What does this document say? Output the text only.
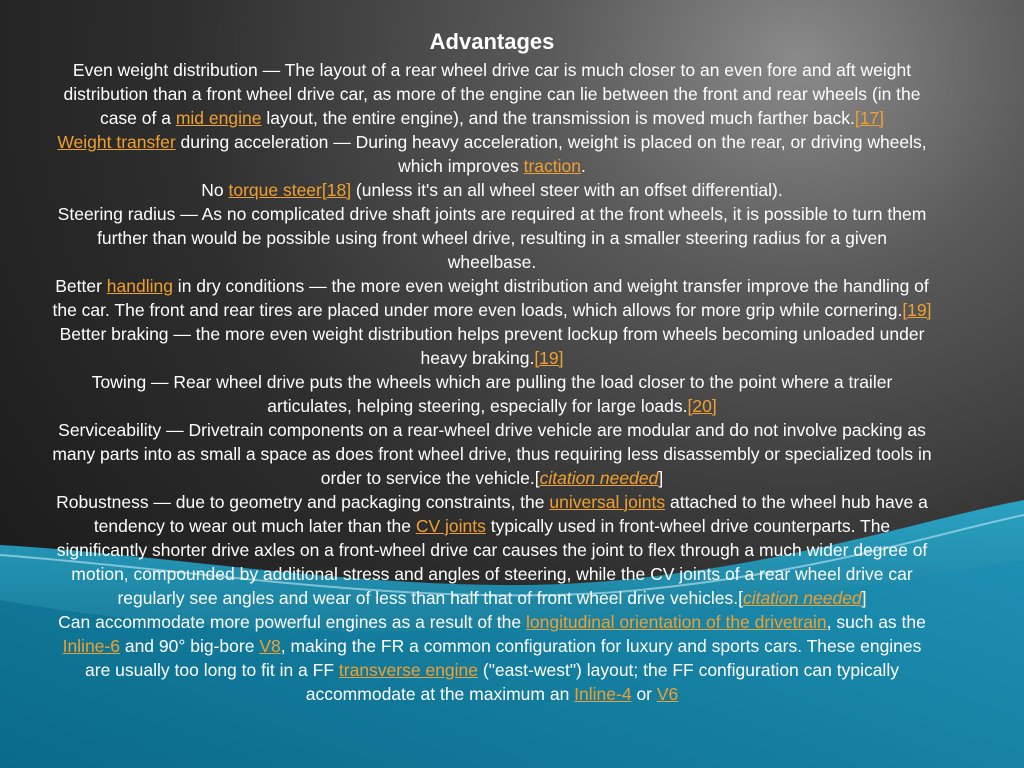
Advantages

Even weight distribution — The layout of a rear wheel drive car is much closer to an even fore and aft weight distribution than a front wheel drive car, as more of the engine can lie between the front and rear wheels (in the case of a mid engine layout, the entire engine), and the transmission is moved much farther back.[17]

Weight transfer during acceleration — During heavy acceleration, weight is placed on the rear, or driving wheels, which improves traction.

No torque steer[18] (unless it's an all wheel steer with an offset differential).

Steering radius — As no complicated drive shaft joints are required at the front wheels, it is possible to turn them further than would be possible using front wheel drive, resulting in a smaller steering radius for a given wheelbase.

Better handling in dry conditions — the more even weight distribution and weight transfer improve the handling of the car. The front and rear tires are placed under more even loads, which allows for more grip while cornering.[19]

Better braking — the more even weight distribution helps prevent lockup from wheels becoming unloaded under heavy braking.[19]

Towing — Rear wheel drive puts the wheels which are pulling the load closer to the point where a trailer articulates, helping steering, especially for large loads.[20]

Serviceability — Drivetrain components on a rear-wheel drive vehicle are modular and do not involve packing as many parts into as small a space as does front wheel drive, thus requiring less disassembly or specialized tools in order to service the vehicle.[citation needed]

Robustness — due to geometry and packaging constraints, the universal joints attached to the wheel hub have a tendency to wear out much later than the CV joints typically used in front-wheel drive counterparts. The significantly shorter drive axles on a front-wheel drive car causes the joint to flex through a much wider degree of motion, compounded by additional stress and angles of steering, while the CV joints of a rear wheel drive car regularly see angles and wear of less than half that of front wheel drive vehicles.[citation needed]

Can accommodate more powerful engines as a result of the longitudinal orientation of the drivetrain, such as the Inline-6 and 90° big-bore V8, making the FR a common configuration for luxury and sports cars. These engines are usually too long to fit in a FF transverse engine ("east-west") layout; the FF configuration can typically accommodate at the maximum an Inline-4 or V6
